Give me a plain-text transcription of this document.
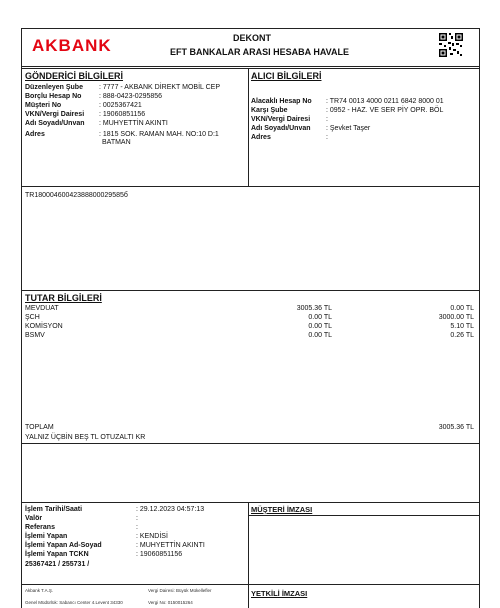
AKBANK	DEKONT
EFT BANKALAR ARASI HESABA HAVALE
GÖNDERİCİ BİLGİLERİ	ALICI BİLGİLERİ
Düzenleyen Şube : 7777 - AKBANK DİREKT MOBİL CEP
Borçlu Hesap No	: 888-0423-0295856
Müşteri No	: 0025367421
VKN/Vergi Dairesi : 19060851156
Adı Soyadı/Unvan : MUHYETTİN AKINTI
Adres	: 1815 SOK. RAMAN MAH. NO:10 D:1
BATMAN
Alacaklı Hesap No : TR74 0013 4000 0211 6842 8000 01
Karşı Şube	: 0952 - HAZ. VE SER PİY OPR. BÖL
VKN/Vergi Dairesi :
Adı Soyadı/Unvan : Şevket Taşer
Adres	:
TR18000460042388800029585б
TUTAR BİLGİLERİ
MEVDUAT	3005.36 TL	0.00 TL
ŞCH	0.00 TL	3000.00 TL
KOMİSYON	0.00 TL	5.10 TL
BSMV	0.00 TL	0.26 TL
TOPLAM	3005.36 TL
YALNIZ ÜÇBİN BEŞ TL OTUZALTI KR
İşlem Tarihi/Saati	: 29.12.2023 04:57:13
Valör	:
Referans	:
İşlemi Yapan	: KENDİSİ
İşlemi Yapan Ad-Soyad	: MUHYETTİN AKINTI
İşlemi Yapan TCKN	: 19060851156
25367421 / 255731 /
MÜŞTERİ İMZASI
YETKİLİ İMZASI
Akbank T.A.Ş.
Genel Müdürlük: Sabancı Center 4.Levent 34330
Vergi Dairesi: Büyük Mükellefler
Vergi No: 0150015264
